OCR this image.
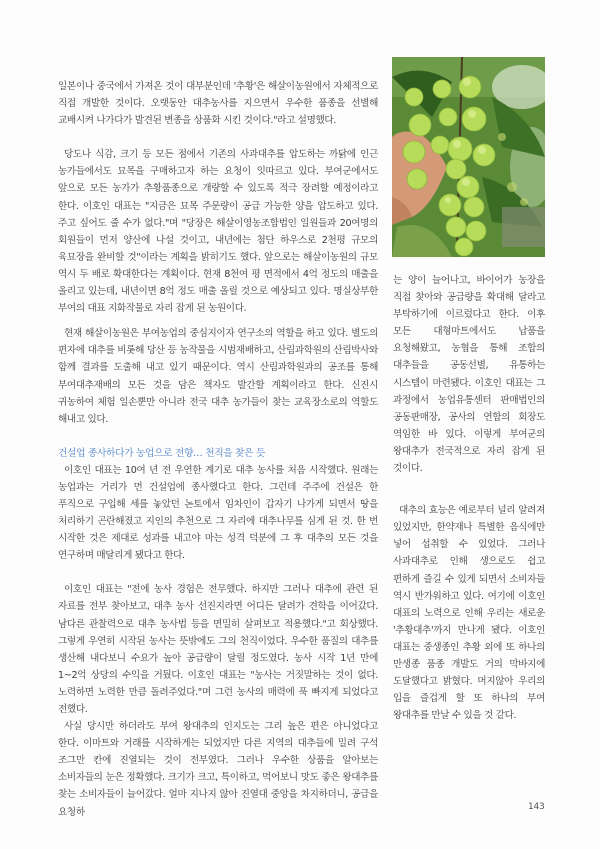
일본이나 중국에서 가져온 것이 대부분인데 '추황'은 해살이농원에서 자체적으로 직접 개발한 것이다. 오랫동안 대추농사를 지으면서 우수한 품종을 선별해 교배시켜 나가다가 발견된 변종을 상품화 시킨 것이다."라고 설명했다.

당도나 식감, 크기 등 모든 점에서 기존의 사과대추를 압도하는 까닭에 인근 농가들에서도 묘목을 구매하고자 하는 요청이 잇따르고 있다. 부여군에서도 앞으로 모든 농가가 추황품종으로 개량할 수 있도록 적극 장려할 예정이라고 한다. 이호인 대표는 "지금은 묘목 주문량이 공급 가능한 양을 압도하고 있다. 주고 싶어도 줄 수가 없다."며 "당장은 해살이영농조합법인 일원들과 20여명의 회원들이 먼저 양산에 나설 것이고, 내년에는 첨단 하우스로 2천평 규모의 육묘장을 완비할 것"이라는 계획을 밝히기도 했다. 앞으로는 해살이농원의 규모 역시 두 배로 확대한다는 계획이다. 현재 8천여 평 면적에서 4억 정도의 매출을 올리고 있는데, 내년이면 8억 정도 매출 올릴 것으로 예상되고 있다. 명실상부한 부여의 대표 지화작물로 자리 잡게 된 농원이다.

현재 해살이농원은 부여농업의 중심지이자 연구소의 역할을 하고 있다. 별도의 편자에 대추를 비롯해 당산 등 농작물을 시범재배하고, 산림과학원의 산림박사와 함께 결과를 도출해 내고 있기 때문이다. 역시 산림과학원과의 공조를 통해 부여대추재배의 모든 것을 담은 책자도 발간할 계획이라고 한다. 신진시 귀농하여 체험 일손뿐만 아니라 전국 대추 농가들이 찾는 교육장소로의 역할도 해내고 있다.

건설업 종사하다가 농업으로 전향… 천직을 찾은 듯

이호인 대표는 10여 년 전 우연한 계기로 대추 농사를 처음 시작했다. 원래는 농업과는 거리가 먼 건설업에 종사했다고 한다. 그런데 주주에 건설은 한 푸직으로 구입해 세를 놓았던 논토에서 임차인이 갑자기 나가게 되면서 땅을 처리하기 곤란해졌고 지인의 추천으로 그 자리에 대추나무를 심게 된 것. 한 번 시작한 것은 제대로 성과를 내고야 마는 성격 덕분에 그 후 대추의 모든 것을 연구하며 매달리게 됐다고 한다.

이호인 대표는 "전에 농사 경험은 전무했다. 하지만 그러나 대추에 관련 된 자료를 전부 찾아보고, 대추 농사 선진지라면 어디든 달려가 견학을 이어갔다. 남다른 관찰력으로 대추 농사법 등을 면밀히 살펴보고 적용했다."고 회상했다. 그렇게 우연히 시작된 농사는 뜻밖에도 그의 천직이었다. 우수한 품질의 대추를 생산해 내다보니 수요가 높아 공급량이 달릴 정도였다. 농사 시작 1년 만에 1~2억 상당의 수익을 거뒀다. 이호인 대표는 "농사는 거짓말하는 것이 없다. 노력하면 노력한 만큼 돌려주었다."며 그런 농사의 매력에 푹 빠지게 되었다고 전했다.

사실 당시만 하더라도 부여 왕대추의 인지도는 그리 높은 편은 아니었다고 한다. 이마트와 거래를 시작하게는 되었지만 다른 지역의 대추들에 밀려 구석 조그만 칸에 진열되는 것이 전부였다. 그러나 우수한 상품을 알아보는 소비자들의 눈은 정확했다. 크기가 크고, 특이하고, 먹어보니 맛도 좋은 왕대추를 찾는 소비자들이 늘어갔다. 얼마 지나지 않아 진열대 중앙을 차지하더니, 공급을 요청하

는 양이 늘어나고, 바이어가 농장을 직접 찾아와 공급량을 확대해 달라고 부탁하기에 이르렀다고 한다. 이후 모든 대형마트에서도 납품을 요청해왔고, 농협을 통해 조합의 대추들을 공동선별, 유통하는 시스템이 마련됐다. 이호인 대표는 그 과정에서 농업유통센터 판매법인의 공동판매장, 공사의 연합의 회장도 역임한 바 있다. 이렇게 부여군의 왕대추가 전국적으로 자리 잡게 된 것이다.

대추의 효능은 예로부터 널리 알려져 있었지만, 한약재나 특별한 음식에만 넣어 섭취할 수 있었다. 그러나 사과대추로 인해 생으로도 쉽고 편하게 즐길 수 있게 되면서 소비자들 역시 반가워하고 있다. 여기에 이호인 대표의 노력으로 인해 우리는 새로운 '추황대추'까지 만나게 됐다. 이호인 대표는 중생종인 추황 외에 또 하나의 만생종 품종 개발도 거의 막바지에 도달했다고 밝혔다. 머지않아 우리의 입을 즐겁게 할 또 하나의 부여 왕대추를 만날 수 있을 것 같다.

143
